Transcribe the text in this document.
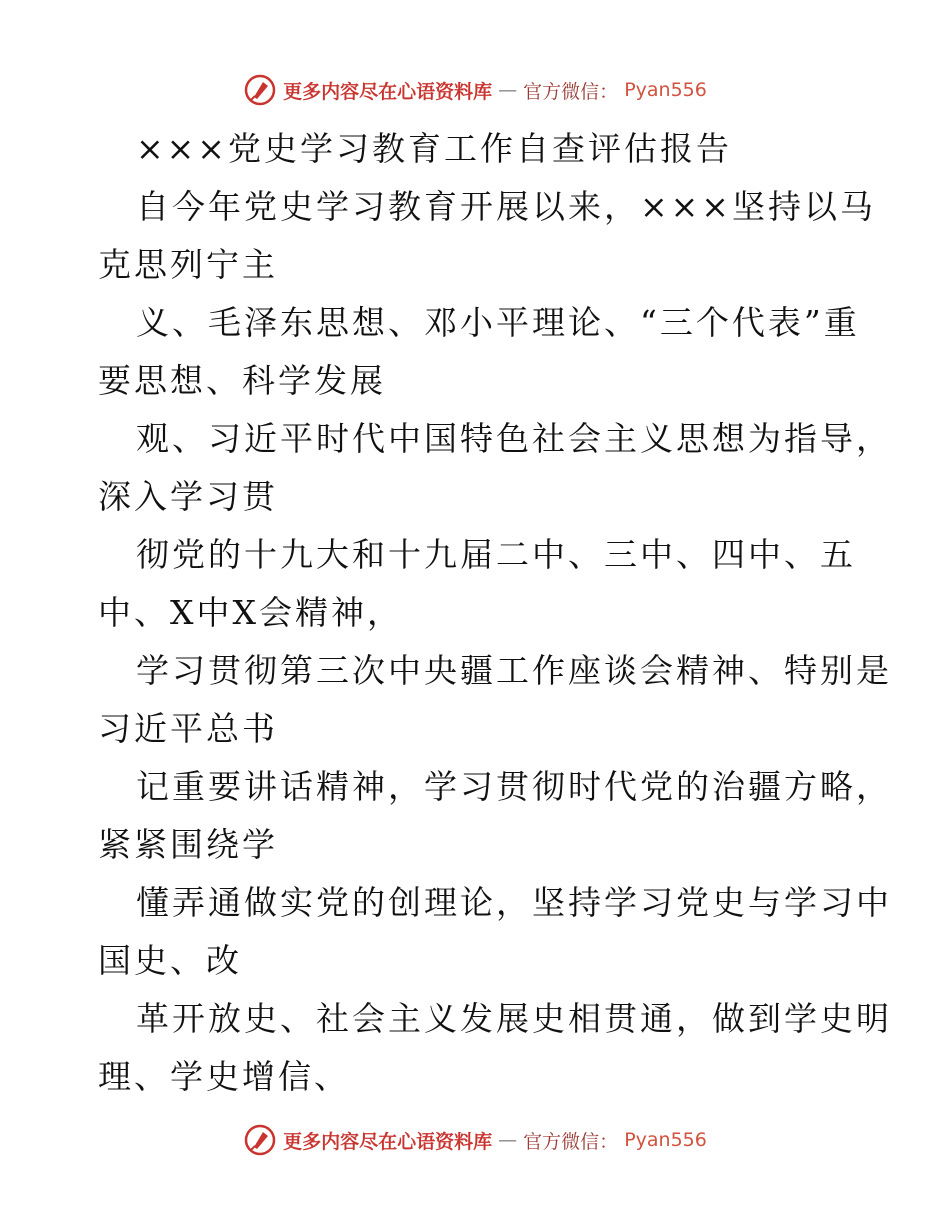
更多内容尽在心语资料库 — 官方微信： Pyan556
×××党史学习教育工作自查评估报告
自今年党史学习教育开展以来，×××坚持以马
克思列宁主
义、毛泽东思想、邓小平理论、“三个代表”重
要思想、科学发展
观、习近平时代中国特色社会主义思想为指导，
深入学习贯
彻党的十九大和十九届二中、三中、四中、五
中、X中X会精神，
学习贯彻第三次中央疆工作座谈会精神、特别是
习近平总书
记重要讲话精神，学习贯彻时代党的治疆方略，
紧紧围绕学
懂弄通做实党的创理论，坚持学习党史与学习中
国史、改
革开放史、社会主义发展史相贯通，做到学史明
理、学史增信、
更多内容尽在心语资料库 — 官方微信： Pyan556
